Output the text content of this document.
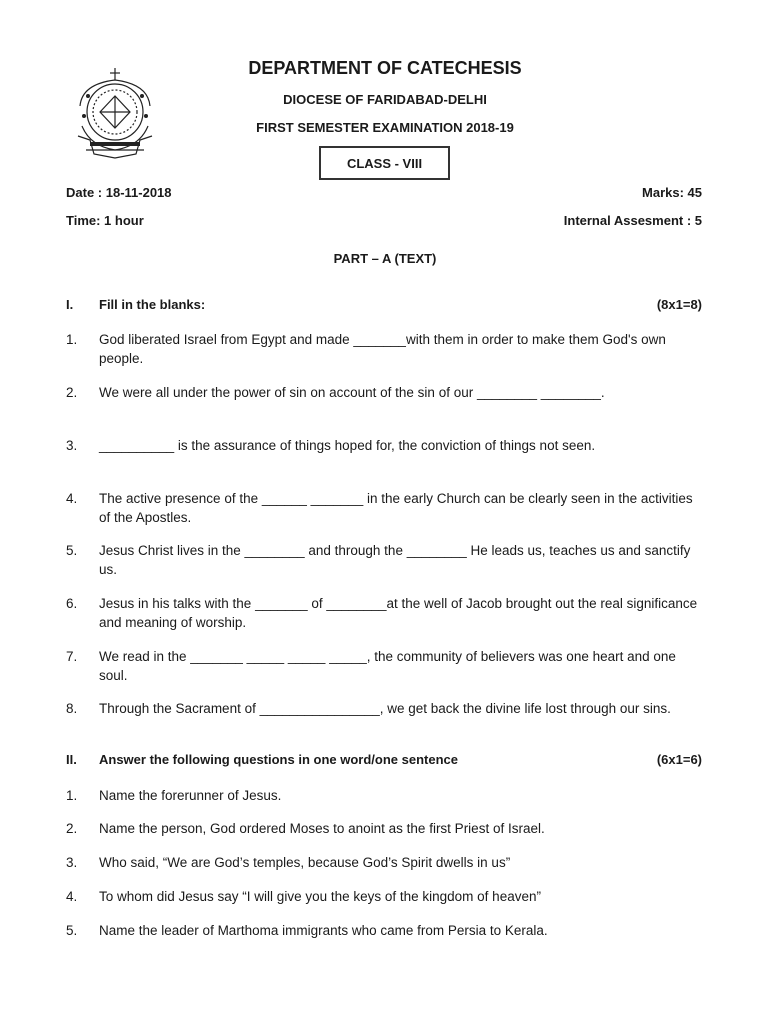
DEPARTMENT OF CATECHESIS
DIOCESE OF FARIDABAD-DELHI
FIRST SEMESTER EXAMINATION 2018-19
CLASS - VIII
Date : 18-11-2018	Marks: 45
Time: 1 hour	Internal Assesment : 5
PART – A (TEXT)
I. Fill in the blanks:	(8x1=8)
1. God liberated Israel from Egypt and made _______with them in order to make them God's own people.
2. We were all under the power of sin on account of the sin of our ________ ________.
3. __________ is the assurance of things hoped for, the conviction of things not seen.
4. The active presence of the ______ _______ in the early Church can be clearly seen in the activities of the Apostles.
5. Jesus Christ lives in the ________ and through the ________ He leads us, teaches us and sanctify us.
6. Jesus in his talks with the _______ of ________at the well of Jacob brought out the real significance and meaning of worship.
7. We read in the _______ _____ _____ _____, the community of believers was one heart and one soul.
8. Through the Sacrament of ________________, we get back the divine life lost through our sins.
II. Answer the following questions in one word/one sentence	(6x1=6)
1. Name the forerunner of Jesus.
2. Name the person, God ordered Moses to anoint as the first Priest of Israel.
3. Who said, “We are God’s temples, because God’s Spirit dwells in us”
4. To whom did Jesus say “I will give you the keys of the kingdom of heaven”
5. Name the leader of Marthoma immigrants who came from Persia to Kerala.
